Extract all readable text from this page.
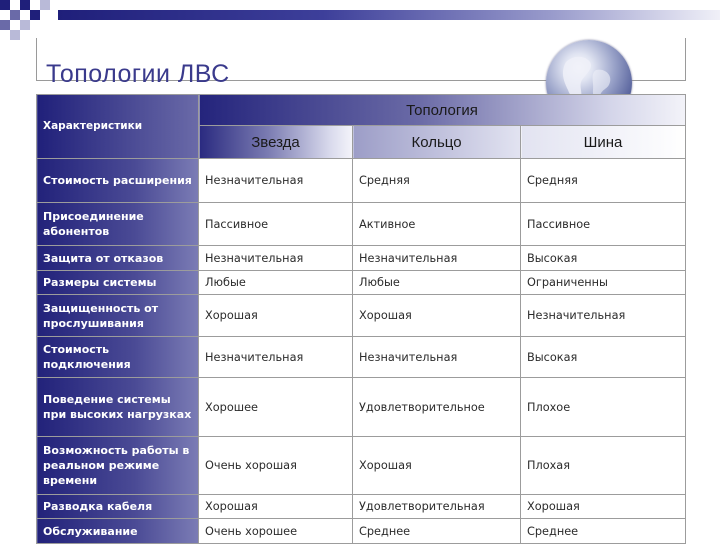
Топологии ЛВС
Характеристики	Топология		
	Звезда	Кольцо	Шина
Стоимость расширения	Незначительная	Средняя	Средняя
Присоединение абонентов	Пассивное	Активное	Пассивное
Защита от отказов	Незначительная	Незначительная	Высокая
Размеры системы	Любые	Любые	Ограниченны
Защищенность от прослушивания	Хорошая	Хорошая	Незначительная
Стоимость подключения	Незначительная	Незначительная	Высокая
Поведение системы при высоких нагрузках	Хорошее	Удовлетворительное	Плохое
Возможность работы в реальном режиме времени	Очень хорошая	Хорошая	Плохая
Разводка кабеля	Хорошая	Удовлетворительная	Хорошая
Обслуживание	Очень хорошее	Среднее	Среднее
